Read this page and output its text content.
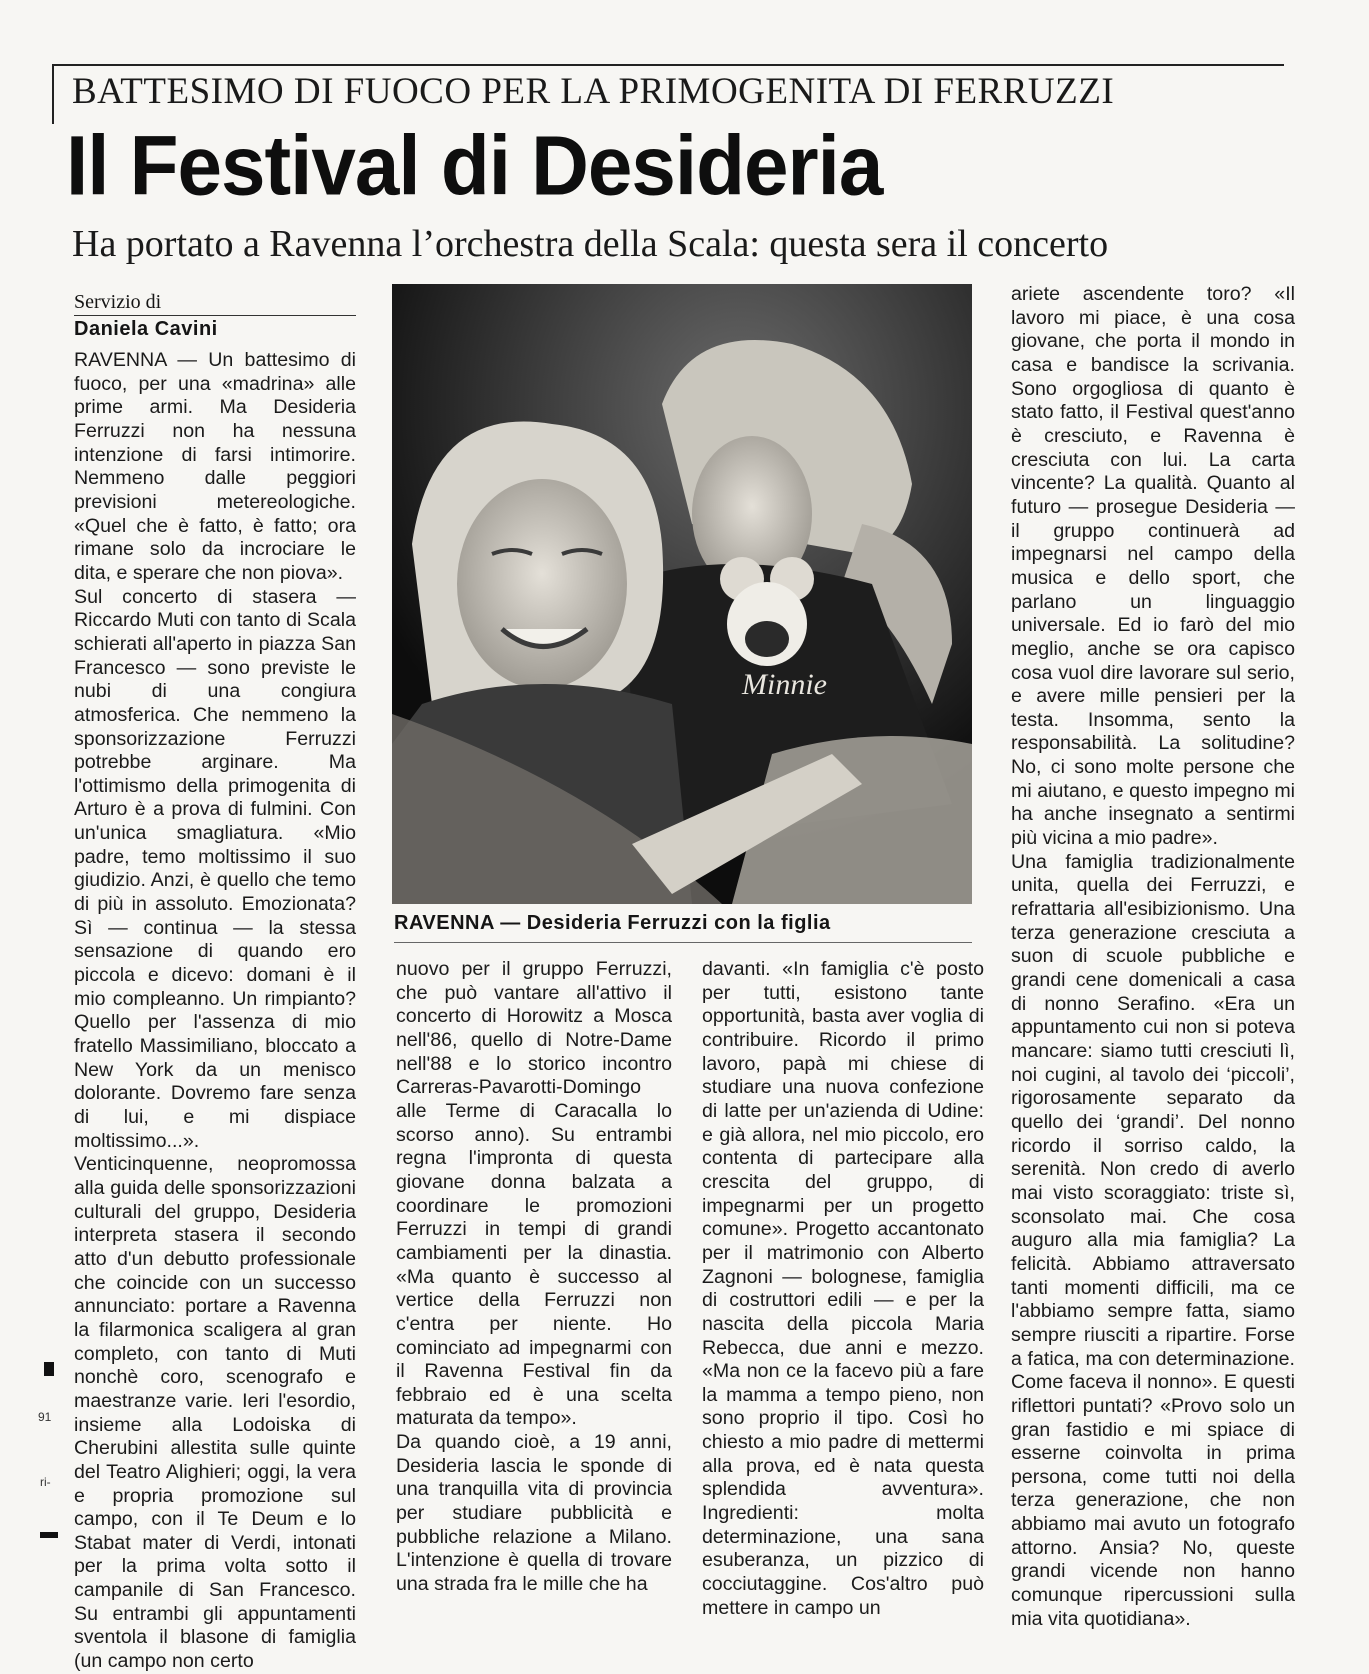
BATTESIMO DI FUOCO PER LA PRIMOGENITA DI FERRUZZI
Il Festival di Desideria
Ha portato a Ravenna l’orchestra della Scala: questa sera il concerto
Servizio di
Daniela Cavini

RAVENNA — Un battesimo di fuoco, per una «madrina» alle prime armi. Ma Desideria Ferruzzi non ha nessuna intenzione di farsi intimorire. Nemmeno dalle peggiori previsioni metereologiche. «Quel che è fatto, è fatto; ora rimane solo da incrociare le dita, e sperare che non piova».

Sul concerto di stasera — Riccardo Muti con tanto di Scala schierati all'aperto in piazza San Francesco — sono previste le nubi di una congiura atmosferica. Che nemmeno la sponsorizzazione Ferruzzi potrebbe arginare. Ma l'ottimismo della primogenita di Arturo è a prova di fulmini. Con un'unica smagliatura. «Mio padre, temo moltissimo il suo giudizio. Anzi, è quello che temo di più in assoluto. Emozionata? Sì — continua — la stessa sensazione di quando ero piccola e dicevo: domani è il mio compleanno. Un rimpianto? Quello per l'assenza di mio fratello Massimiliano, bloccato a New York da un menisco dolorante. Dovremo fare senza di lui, e mi dispiace moltissimo...».

Venticinquenne, neopromossa alla guida delle sponsorizzazioni culturali del gruppo, Desideria interpreta stasera il secondo atto d'un debutto professionale che coincide con un successo annunciato: portare a Ravenna la filarmonica scaligera al gran completo, con tanto di Muti nonchè coro, scenografo e maestranze varie. Ieri l'esordio, insieme alla Lodoiska di Cherubini allestita sulle quinte del Teatro Alighieri; oggi, la vera e propria promozione sul campo, con il Te Deum e lo Stabat mater di Verdi, intonati per la prima volta sotto il campanile di San Francesco. Su entrambi gli appuntamenti sventola il blasone di famiglia (un campo non certo

Minnie
RAVENNA — Desideria Ferruzzi con la figlia

nuovo per il gruppo Ferruzzi, che può vantare all'attivo il concerto di Horowitz a Mosca nell'86, quello di Notre-Dame nell'88 e lo storico incontro Carreras-Pavarotti-Domingo alle Terme di Caracalla lo scorso anno). Su entrambi regna l'impronta di questa giovane donna balzata a coordinare le promozioni Ferruzzi in tempi di grandi cambiamenti per la dinastia. «Ma quanto è successo al vertice della Ferruzzi non c'entra per niente. Ho cominciato ad impegnarmi con il Ravenna Festival fin da febbraio ed è una scelta maturata da tempo».

Da quando cioè, a 19 anni, Desideria lascia le sponde di una tranquilla vita di provincia per studiare pubblicità e pubbliche relazione a Milano. L'intenzione è quella di trovare una strada fra le mille che ha

davanti. «In famiglia c'è posto per tutti, esistono tante opportunità, basta aver voglia di contribuire. Ricordo il primo lavoro, papà mi chiese di studiare una nuova confezione di latte per un'azienda di Udine: e già allora, nel mio piccolo, ero contenta di partecipare alla crescita del gruppo, di impegnarmi per un progetto comune». Progetto accantonato per il matrimonio con Alberto Zagnoni — bolognese, famiglia di costruttori edili — e per la nascita della piccola Maria Rebecca, due anni e mezzo. «Ma non ce la facevo più a fare la mamma a tempo pieno, non sono proprio il tipo. Così ho chiesto a mio padre di mettermi alla prova, ed è nata questa splendida avventura». Ingredienti: molta determinazione, una sana esuberanza, un pizzico di cocciutaggine. Cos'altro può mettere in campo un

ariete ascendente toro? «Il lavoro mi piace, è una cosa giovane, che porta il mondo in casa e bandisce la scrivania. Sono orgogliosa di quanto è stato fatto, il Festival quest'anno è cresciuto, e Ravenna è cresciuta con lui. La carta vincente? La qualità. Quanto al futuro — prosegue Desideria — il gruppo continuerà ad impegnarsi nel campo della musica e dello sport, che parlano un linguaggio universale. Ed io farò del mio meglio, anche se ora capisco cosa vuol dire lavorare sul serio, e avere mille pensieri per la testa. Insomma, sento la responsabilità. La solitudine? No, ci sono molte persone che mi aiutano, e questo impegno mi ha anche insegnato a sentirmi più vicina a mio padre».

Una famiglia tradizionalmente unita, quella dei Ferruzzi, e refrattaria all'esibizionismo. Una terza generazione cresciuta a suon di scuole pubbliche e grandi cene domenicali a casa di nonno Serafino. «Era un appuntamento cui non si poteva mancare: siamo tutti cresciuti lì, noi cugini, al tavolo dei ‘piccoli’, rigorosamente separato da quello dei ‘grandi’. Del nonno ricordo il sorriso caldo, la serenità. Non credo di averlo mai visto scoraggiato: triste sì, sconsolato mai. Che cosa auguro alla mia famiglia? La felicità. Abbiamo attraversato tanti momenti difficili, ma ce l'abbiamo sempre fatta, siamo sempre riusciti a ripartire. Forse a fatica, ma con determinazione. Come faceva il nonno». E questi riflettori puntati? «Provo solo un gran fastidio e mi spiace di esserne coinvolta in prima persona, come tutti noi della terza generazione, che non abbiamo mai avuto un fotografo attorno. Ansia? No, queste grandi vicende non hanno comunque ripercussioni sulla mia vita quotidiana».

91
ri-
